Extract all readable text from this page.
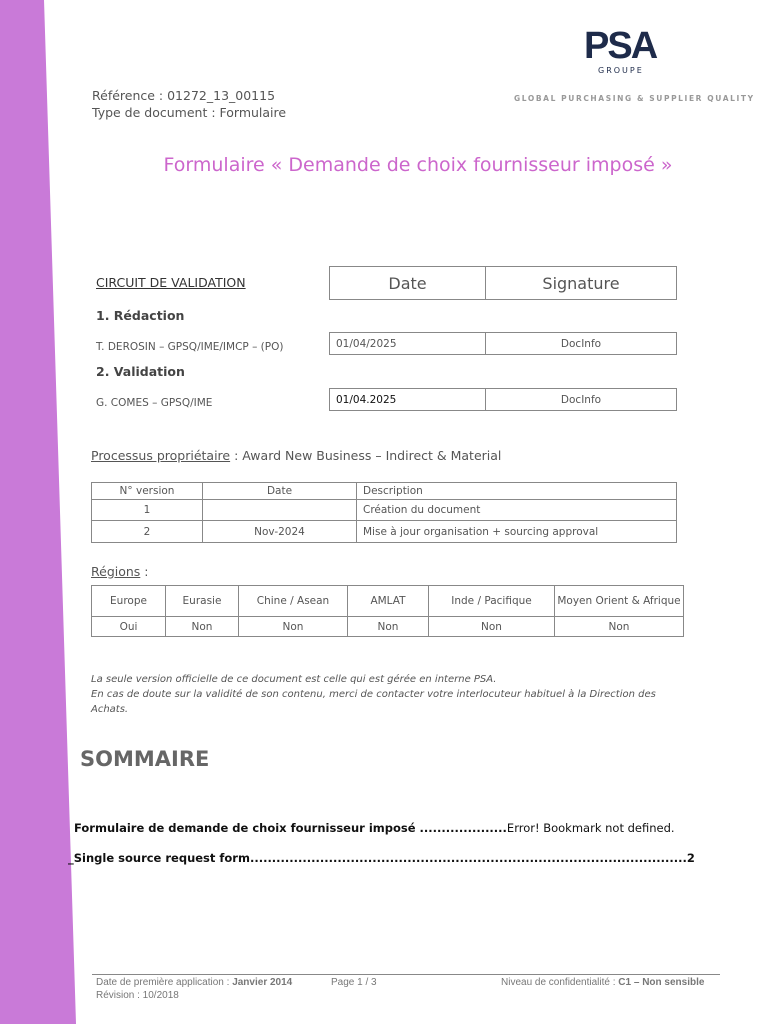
Référence : 01272_13_00115
Type de document : Formulaire
PSA
GROUPE
GLOBAL PURCHASING & SUPPLIER QUALITY
Formulaire « Demande de choix fournisseur imposé »
CIRCUIT DE VALIDATION	Date	Signature
1. Rédaction
T. DEROSIN – GPSQ/IME/IMCP – (PO)	01/04/2025	DocInfo
2. Validation
G. COMES – GPSQ/IME	01/04.2025	DocInfo
Processus propriétaire : Award New Business – Indirect & Material
N° version	Date	Description
1		Création du document
2	Nov-2024	Mise à jour organisation + sourcing approval
Régions :
Europe	Eurasie	Chine / Asean	AMLAT	Inde / Pacifique	Moyen Orient & Afrique
Oui	Non	Non	Non	Non	Non
La seule version officielle de ce document est celle qui est gérée en interne PSA.
En cas de doute sur la validité de son contenu, merci de contacter votre interlocuteur habituel à la Direction des Achats.
SOMMAIRE
Formulaire de demande de choix fournisseur imposé ....................Error! Bookmark not defined.
_Single source request form....................................................................................................2
Date de première application : Janvier 2014
Révision : 10/2018
Page 1 / 3	Niveau de confidentialité : C1 – Non sensible
